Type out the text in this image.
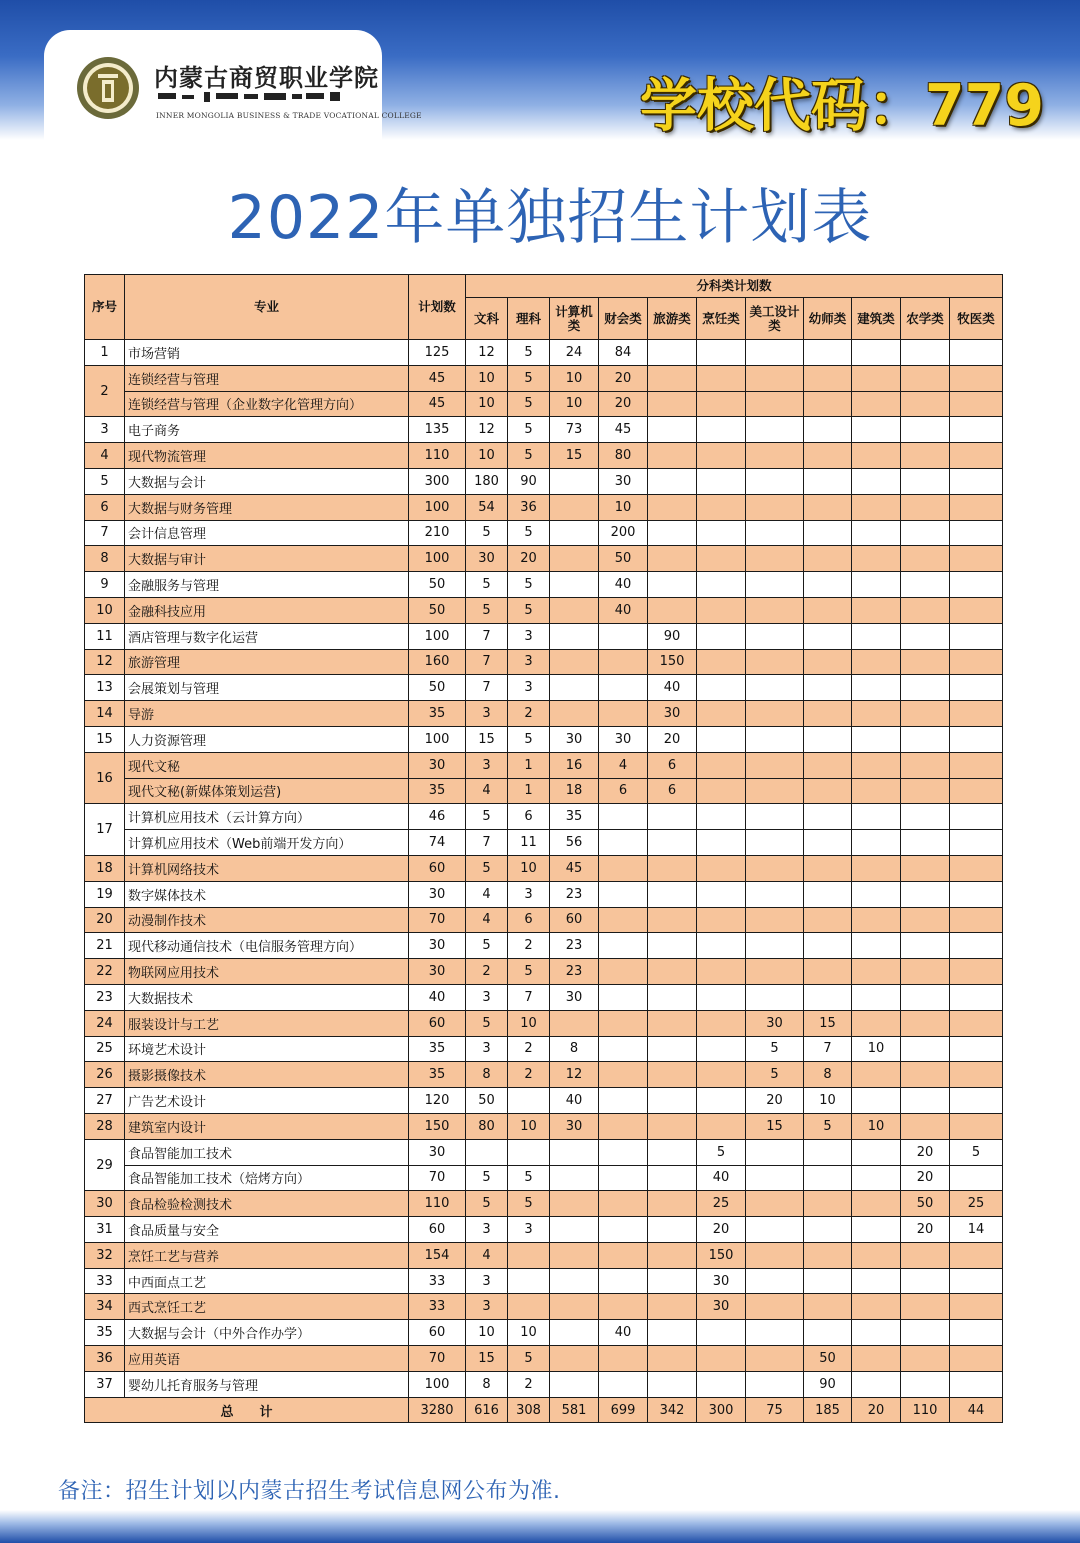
内蒙古商贸职业学院
INNER MONGOLIA BUSINESS & TRADE VOCATIONAL COLLEGE	学校代码：779
2022年单独招生计划表
序号	专业	计划数	分科类计划数										
			文科	理科	计算机类	财会类	旅游类	烹饪类	美工设计类	幼师类	建筑类	农学类	牧医类
1	市场营销	125	12	5	24	84							
2	连锁经营与管理	45	10	5	10	20							
	连锁经营与管理（企业数字化管理方向）	45	10	5	10	20							
3	电子商务	135	12	5	73	45							
4	现代物流管理	110	10	5	15	80							
5	大数据与会计	300	180	90		30							
6	大数据与财务管理	100	54	36		10							
7	会计信息管理	210	5	5		200							
8	大数据与审计	100	30	20		50							
9	金融服务与管理	50	5	5		40							
10	金融科技应用	50	5	5		40							
11	酒店管理与数字化运营	100	7	3			90						
12	旅游管理	160	7	3			150						
13	会展策划与管理	50	7	3			40						
14	导游	35	3	2			30						
15	人力资源管理	100	15	5	30	30	20						
16	现代文秘	30	3	1	16	4	6						
	现代文秘(新媒体策划运营)	35	4	1	18	6	6						
17	计算机应用技术（云计算方向）	46	5	6	35								
	计算机应用技术（Web前端开发方向）	74	7	11	56								
18	计算机网络技术	60	5	10	45								
19	数字媒体技术	30	4	3	23								
20	动漫制作技术	70	4	6	60								
21	现代移动通信技术（电信服务管理方向）	30	5	2	23								
22	物联网应用技术	30	2	5	23								
23	大数据技术	40	3	7	30								
24	服装设计与工艺	60	5	10					30	15			
25	环境艺术设计	35	3	2	8				5	7	10		
26	摄影摄像技术	35	8	2	12				5	8			
27	广告艺术设计	120	50		40				20	10			
28	建筑室内设计	150	80	10	30				15	5	10		
29	食品智能加工技术	30						5				20	5
	食品智能加工技术（焙烤方向）	70	5	5				40				20	
30	食品检验检测技术	110	5	5				25				50	25
31	食品质量与安全	60	3	3				20				20	14
32	烹饪工艺与营养	154	4					150					
33	中西面点工艺	33	3					30					
34	西式烹饪工艺	33	3					30					
35	大数据与会计（中外合作办学）	60	10	10		40							
36	应用英语	70	15	5						50			
37	婴幼儿托育服务与管理	100	8	2						90			
总　　计		3280	616	308	581	699	342	300	75	185	20	110	44
备注：招生计划以内蒙古招生考试信息网公布为准.
